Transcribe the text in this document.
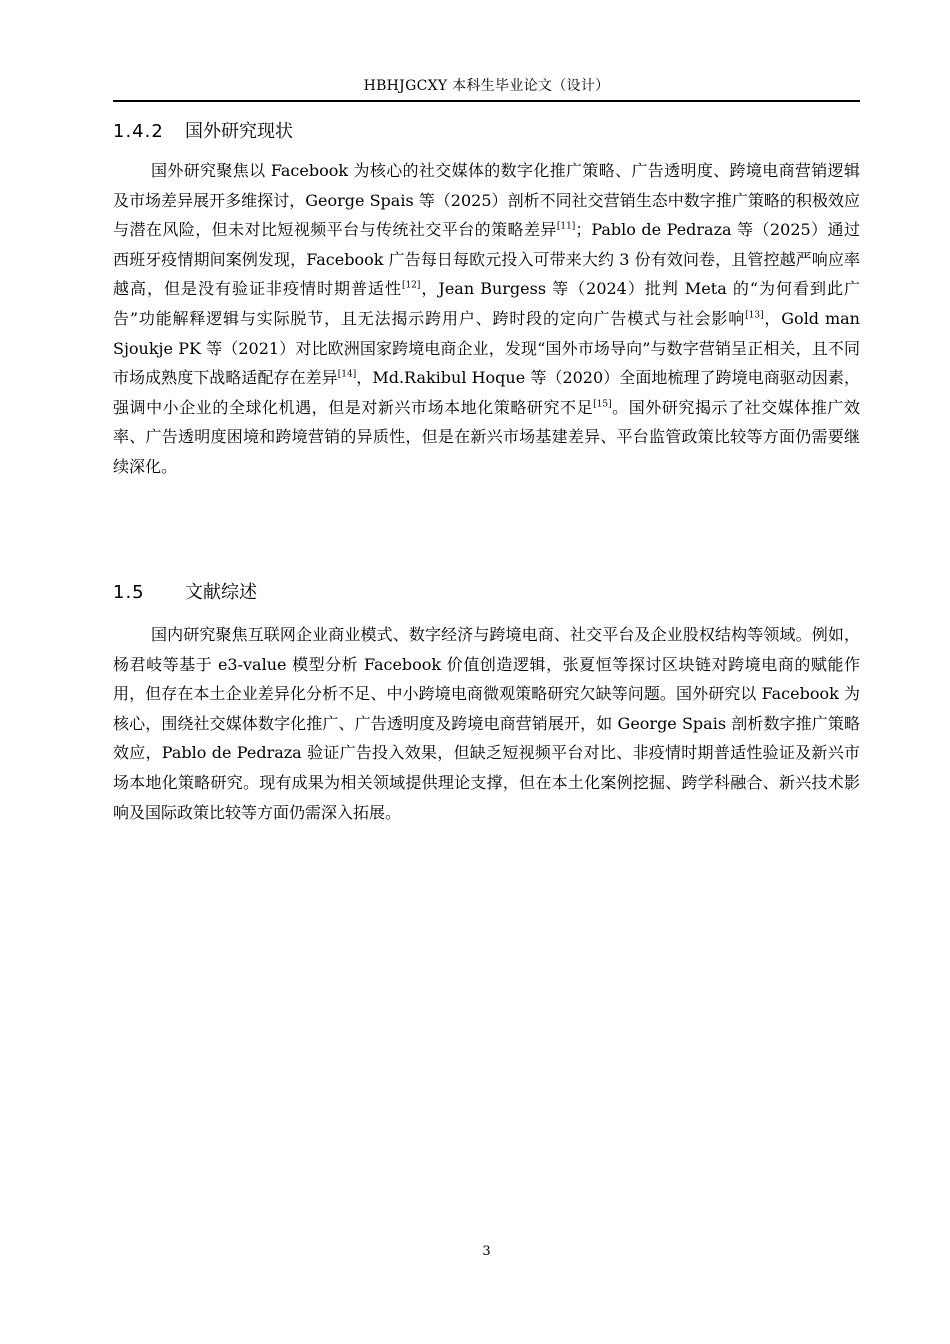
HBHJGCXY 本科生毕业论文（设计）
1.4.2 国外研究现状

国外研究聚焦以 Facebook 为核心的社交媒体的数字化推广策略、广告透明度、跨境电商营销逻辑及市场差异展开多维探讨，George Spais 等（2025）剖析不同社交营销生态中数字推广策略的积极效应与潜在风险，但未对比短视频平台与传统社交平台的策略差异[11]；Pablo de Pedraza 等（2025）通过西班牙疫情期间案例发现，Facebook 广告每日每欧元投入可带来大约 3 份有效问卷，且管控越严响应率越高，但是没有验证非疫情时期普适性[12]，Jean Burgess 等（2024）批判 Meta 的“为何看到此广告”功能解释逻辑与实际脱节，且无法揭示跨用户、跨时段的定向广告模式与社会影响[13]，Gold man Sjoukje PK 等（2021）对比欧洲国家跨境电商企业，发现“国外市场导向”与数字营销呈正相关，且不同市场成熟度下战略适配存在差异[14]，Md.Rakibul Hoque 等（2020）全面地梳理了跨境电商驱动因素，强调中小企业的全球化机遇，但是对新兴市场本地化策略研究不足[15]。国外研究揭示了社交媒体推广效率、广告透明度困境和跨境营销的异质性，但是在新兴市场基建差异、平台监管政策比较等方面仍需要继续深化。

1.5 文献综述

国内研究聚焦互联网企业商业模式、数字经济与跨境电商、社交平台及企业股权结构等领域。例如，杨君岐等基于 e3-value 模型分析 Facebook 价值创造逻辑，张夏恒等探讨区块链对跨境电商的赋能作用，但存在本土企业差异化分析不足、中小跨境电商微观策略研究欠缺等问题。国外研究以 Facebook 为核心，围绕社交媒体数字化推广、广告透明度及跨境电商营销展开，如 George Spais 剖析数字推广策略效应，Pablo de Pedraza 验证广告投入效果，但缺乏短视频平台对比、非疫情时期普适性验证及新兴市场本地化策略研究。现有成果为相关领域提供理论支撑，但在本土化案例挖掘、跨学科融合、新兴技术影响及国际政策比较等方面仍需深入拓展。

3
